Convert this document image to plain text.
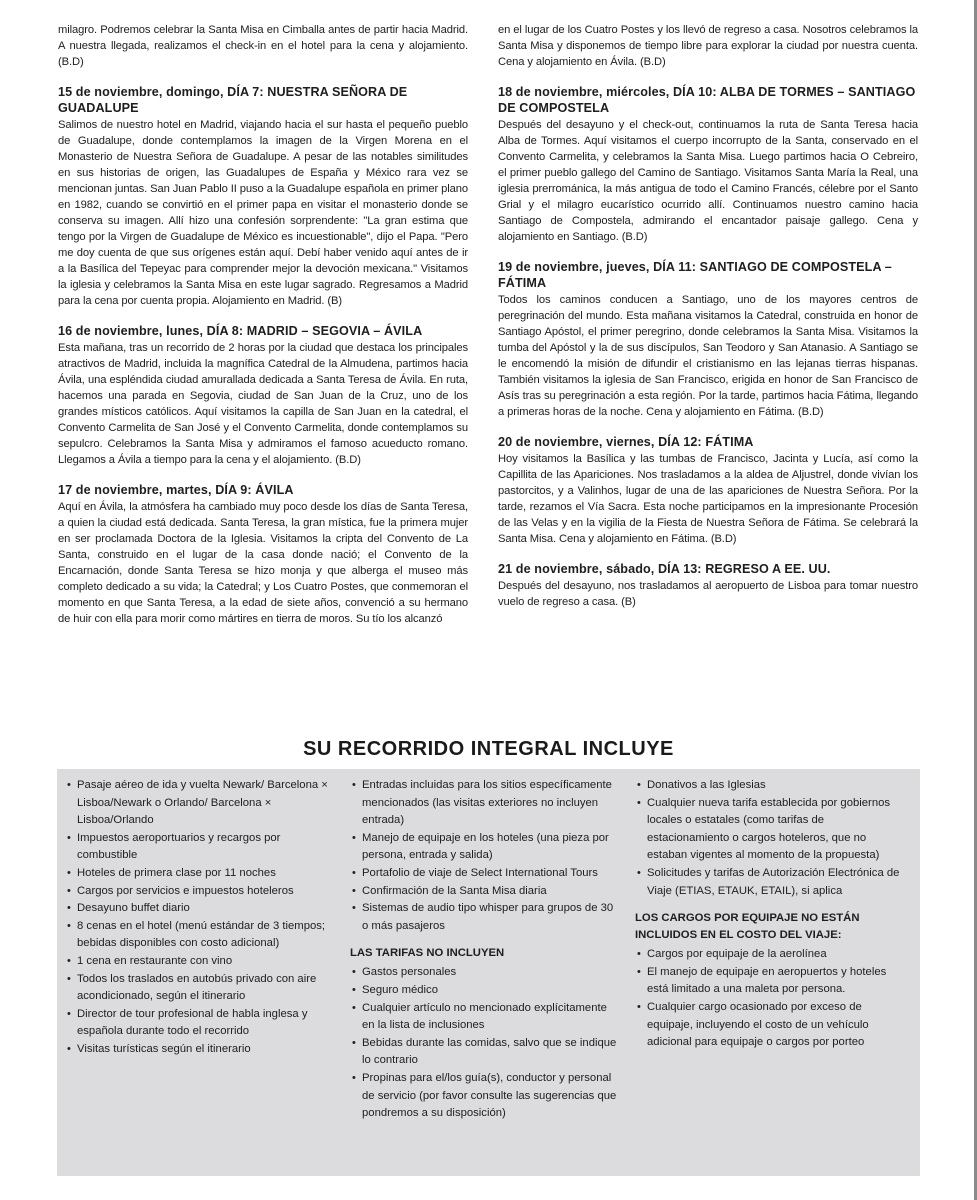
milagro. Podremos celebrar la Santa Misa en Cimballa antes de partir hacia Madrid. A nuestra llegada, realizamos el check-in en el hotel para la cena y alojamiento. (B.D)

15 de noviembre, domingo, DÍA 7: NUESTRA SEÑORA DE GUADALUPE

Salimos de nuestro hotel en Madrid, viajando hacia el sur hasta el pequeño pueblo de Guadalupe, donde contemplamos la imagen de la Virgen Morena en el Monasterio de Nuestra Señora de Guadalupe. A pesar de las notables similitudes en sus historias de origen, las Guadalupes de España y México rara vez se mencionan juntas. San Juan Pablo II puso a la Guadalupe española en primer plano en 1982, cuando se convirtió en el primer papa en visitar el monasterio donde se conserva su imagen. Allí hizo una confesión sorprendente: "La gran estima que tengo por la Virgen de Guadalupe de México es incuestionable", dijo el Papa. "Pero me doy cuenta de que sus orígenes están aquí. Debí haber venido aquí antes de ir a la Basílica del Tepeyac para comprender mejor la devoción mexicana." Visitamos la iglesia y celebramos la Santa Misa en este lugar sagrado. Regresamos a Madrid para la cena por cuenta propia. Alojamiento en Madrid. (B)

16 de noviembre, lunes, DÍA 8: MADRID – SEGOVIA – ÁVILA

Esta mañana, tras un recorrido de 2 horas por la ciudad que destaca los principales atractivos de Madrid, incluida la magnífica Catedral de la Almudena, partimos hacia Ávila, una espléndida ciudad amurallada dedicada a Santa Teresa de Ávila. En ruta, hacemos una parada en Segovia, ciudad de San Juan de la Cruz, uno de los grandes místicos católicos. Aquí visitamos la capilla de San Juan en la catedral, el Convento Carmelita de San José y el Convento Carmelita, donde contemplamos su sepulcro. Celebramos la Santa Misa y admiramos el famoso acueducto romano. Llegamos a Ávila a tiempo para la cena y el alojamiento. (B.D)

17 de noviembre, martes, DÍA 9: ÁVILA

Aquí en Ávila, la atmósfera ha cambiado muy poco desde los días de Santa Teresa, a quien la ciudad está dedicada. Santa Teresa, la gran mística, fue la primera mujer en ser proclamada Doctora de la Iglesia. Visitamos la cripta del Convento de La Santa, construido en el lugar de la casa donde nació; el Convento de la Encarnación, donde Santa Teresa se hizo monja y que alberga el museo más completo dedicado a su vida; la Catedral; y Los Cuatro Postes, que conmemoran el momento en que Santa Teresa, a la edad de siete años, convenció a su hermano de huir con ella para morir como mártires en tierra de moros. Su tío los alcanzó

en el lugar de los Cuatro Postes y los llevó de regreso a casa. Nosotros celebramos la Santa Misa y disponemos de tiempo libre para explorar la ciudad por nuestra cuenta. Cena y alojamiento en Ávila. (B.D)

18 de noviembre, miércoles, DÍA 10: ALBA DE TORMES – SANTIAGO DE COMPOSTELA

Después del desayuno y el check-out, continuamos la ruta de Santa Teresa hacia Alba de Tormes. Aquí visitamos el cuerpo incorrupto de la Santa, conservado en el Convento Carmelita, y celebramos la Santa Misa. Luego partimos hacia O Cebreiro, el primer pueblo gallego del Camino de Santiago. Visitamos Santa María la Real, una iglesia prerrománica, la más antigua de todo el Camino Francés, célebre por el Santo Grial y el milagro eucarístico ocurrido allí. Continuamos nuestro camino hacia Santiago de Compostela, admirando el encantador paisaje gallego. Cena y alojamiento en Santiago. (B.D)

19 de noviembre, jueves, DÍA 11: SANTIAGO DE COMPOSTELA – FÁTIMA

Todos los caminos conducen a Santiago, uno de los mayores centros de peregrinación del mundo. Esta mañana visitamos la Catedral, construida en honor de Santiago Apóstol, el primer peregrino, donde celebramos la Santa Misa. Visitamos la tumba del Apóstol y la de sus discípulos, San Teodoro y San Atanasio. A Santiago se le encomendó la misión de difundir el cristianismo en las lejanas tierras hispanas. También visitamos la iglesia de San Francisco, erigida en honor de San Francisco de Asís tras su peregrinación a esta región. Por la tarde, partimos hacia Fátima, llegando a primeras horas de la noche. Cena y alojamiento en Fátima. (B.D)

20 de noviembre, viernes, DÍA 12: FÁTIMA

Hoy visitamos la Basílica y las tumbas de Francisco, Jacinta y Lucía, así como la Capillita de las Apariciones. Nos trasladamos a la aldea de Aljustrel, donde vivían los pastorcitos, y a Valinhos, lugar de una de las apariciones de Nuestra Señora. Por la tarde, rezamos el Vía Sacra. Esta noche participamos en la impresionante Procesión de las Velas y en la vigilia de la Fiesta de Nuestra Señora de Fátima. Se celebrará la Santa Misa. Cena y alojamiento en Fátima. (B.D)

21 de noviembre, sábado, DÍA 13: REGRESO A EE. UU.

Después del desayuno, nos trasladamos al aeropuerto de Lisboa para tomar nuestro vuelo de regreso a casa. (B)

SU RECORRIDO INTEGRAL INCLUYE
• Pasaje aéreo de ida y vuelta Newark/ Barcelona × Lisboa/Newark o Orlando/ Barcelona × Lisboa/Orlando
• Impuestos aeroportuarios y recargos por combustible
• Hoteles de primera clase por 11 noches
• Cargos por servicios e impuestos hoteleros
• Desayuno buffet diario
• 8 cenas en el hotel (menú estándar de 3 tiempos; bebidas disponibles con costo adicional)
• 1 cena en restaurante con vino
• Todos los traslados en autobús privado con aire acondicionado, según el itinerario
• Director de tour profesional de habla inglesa y española durante todo el recorrido
• Visitas turísticas según el itinerario
• Entradas incluidas para los sitios específicamente mencionados (las visitas exteriores no incluyen entrada)
• Manejo de equipaje en los hoteles (una pieza por persona, entrada y salida)
• Portafolio de viaje de Select International Tours
• Confirmación de la Santa Misa diaria
• Sistemas de audio tipo whisper para grupos de 30 o más pasajeros
LAS TARIFAS NO INCLUYEN
• Gastos personales
• Seguro médico
• Cualquier artículo no mencionado explícitamente en la lista de inclusiones
• Bebidas durante las comidas, salvo que se indique lo contrario
• Propinas para el/los guía(s), conductor y personal de servicio (por favor consulte las sugerencias que pondremos a su disposición)
• Donativos a las Iglesias
• Cualquier nueva tarifa establecida por gobiernos locales o estatales (como tarifas de estacionamiento o cargos hoteleros, que no estaban vigentes al momento de la propuesta)
• Solicitudes y tarifas de Autorización Electrónica de Viaje (ETIAS, ETAUK, ETAIL), si aplica
LOS CARGOS POR EQUIPAJE NO ESTÁN INCLUIDOS EN EL COSTO DEL VIAJE:
• Cargos por equipaje de la aerolínea
• El manejo de equipaje en aeropuertos y hoteles está limitado a una maleta por persona.
• Cualquier cargo ocasionado por exceso de equipaje, incluyendo el costo de un vehículo adicional para equipaje o cargos por porteo
